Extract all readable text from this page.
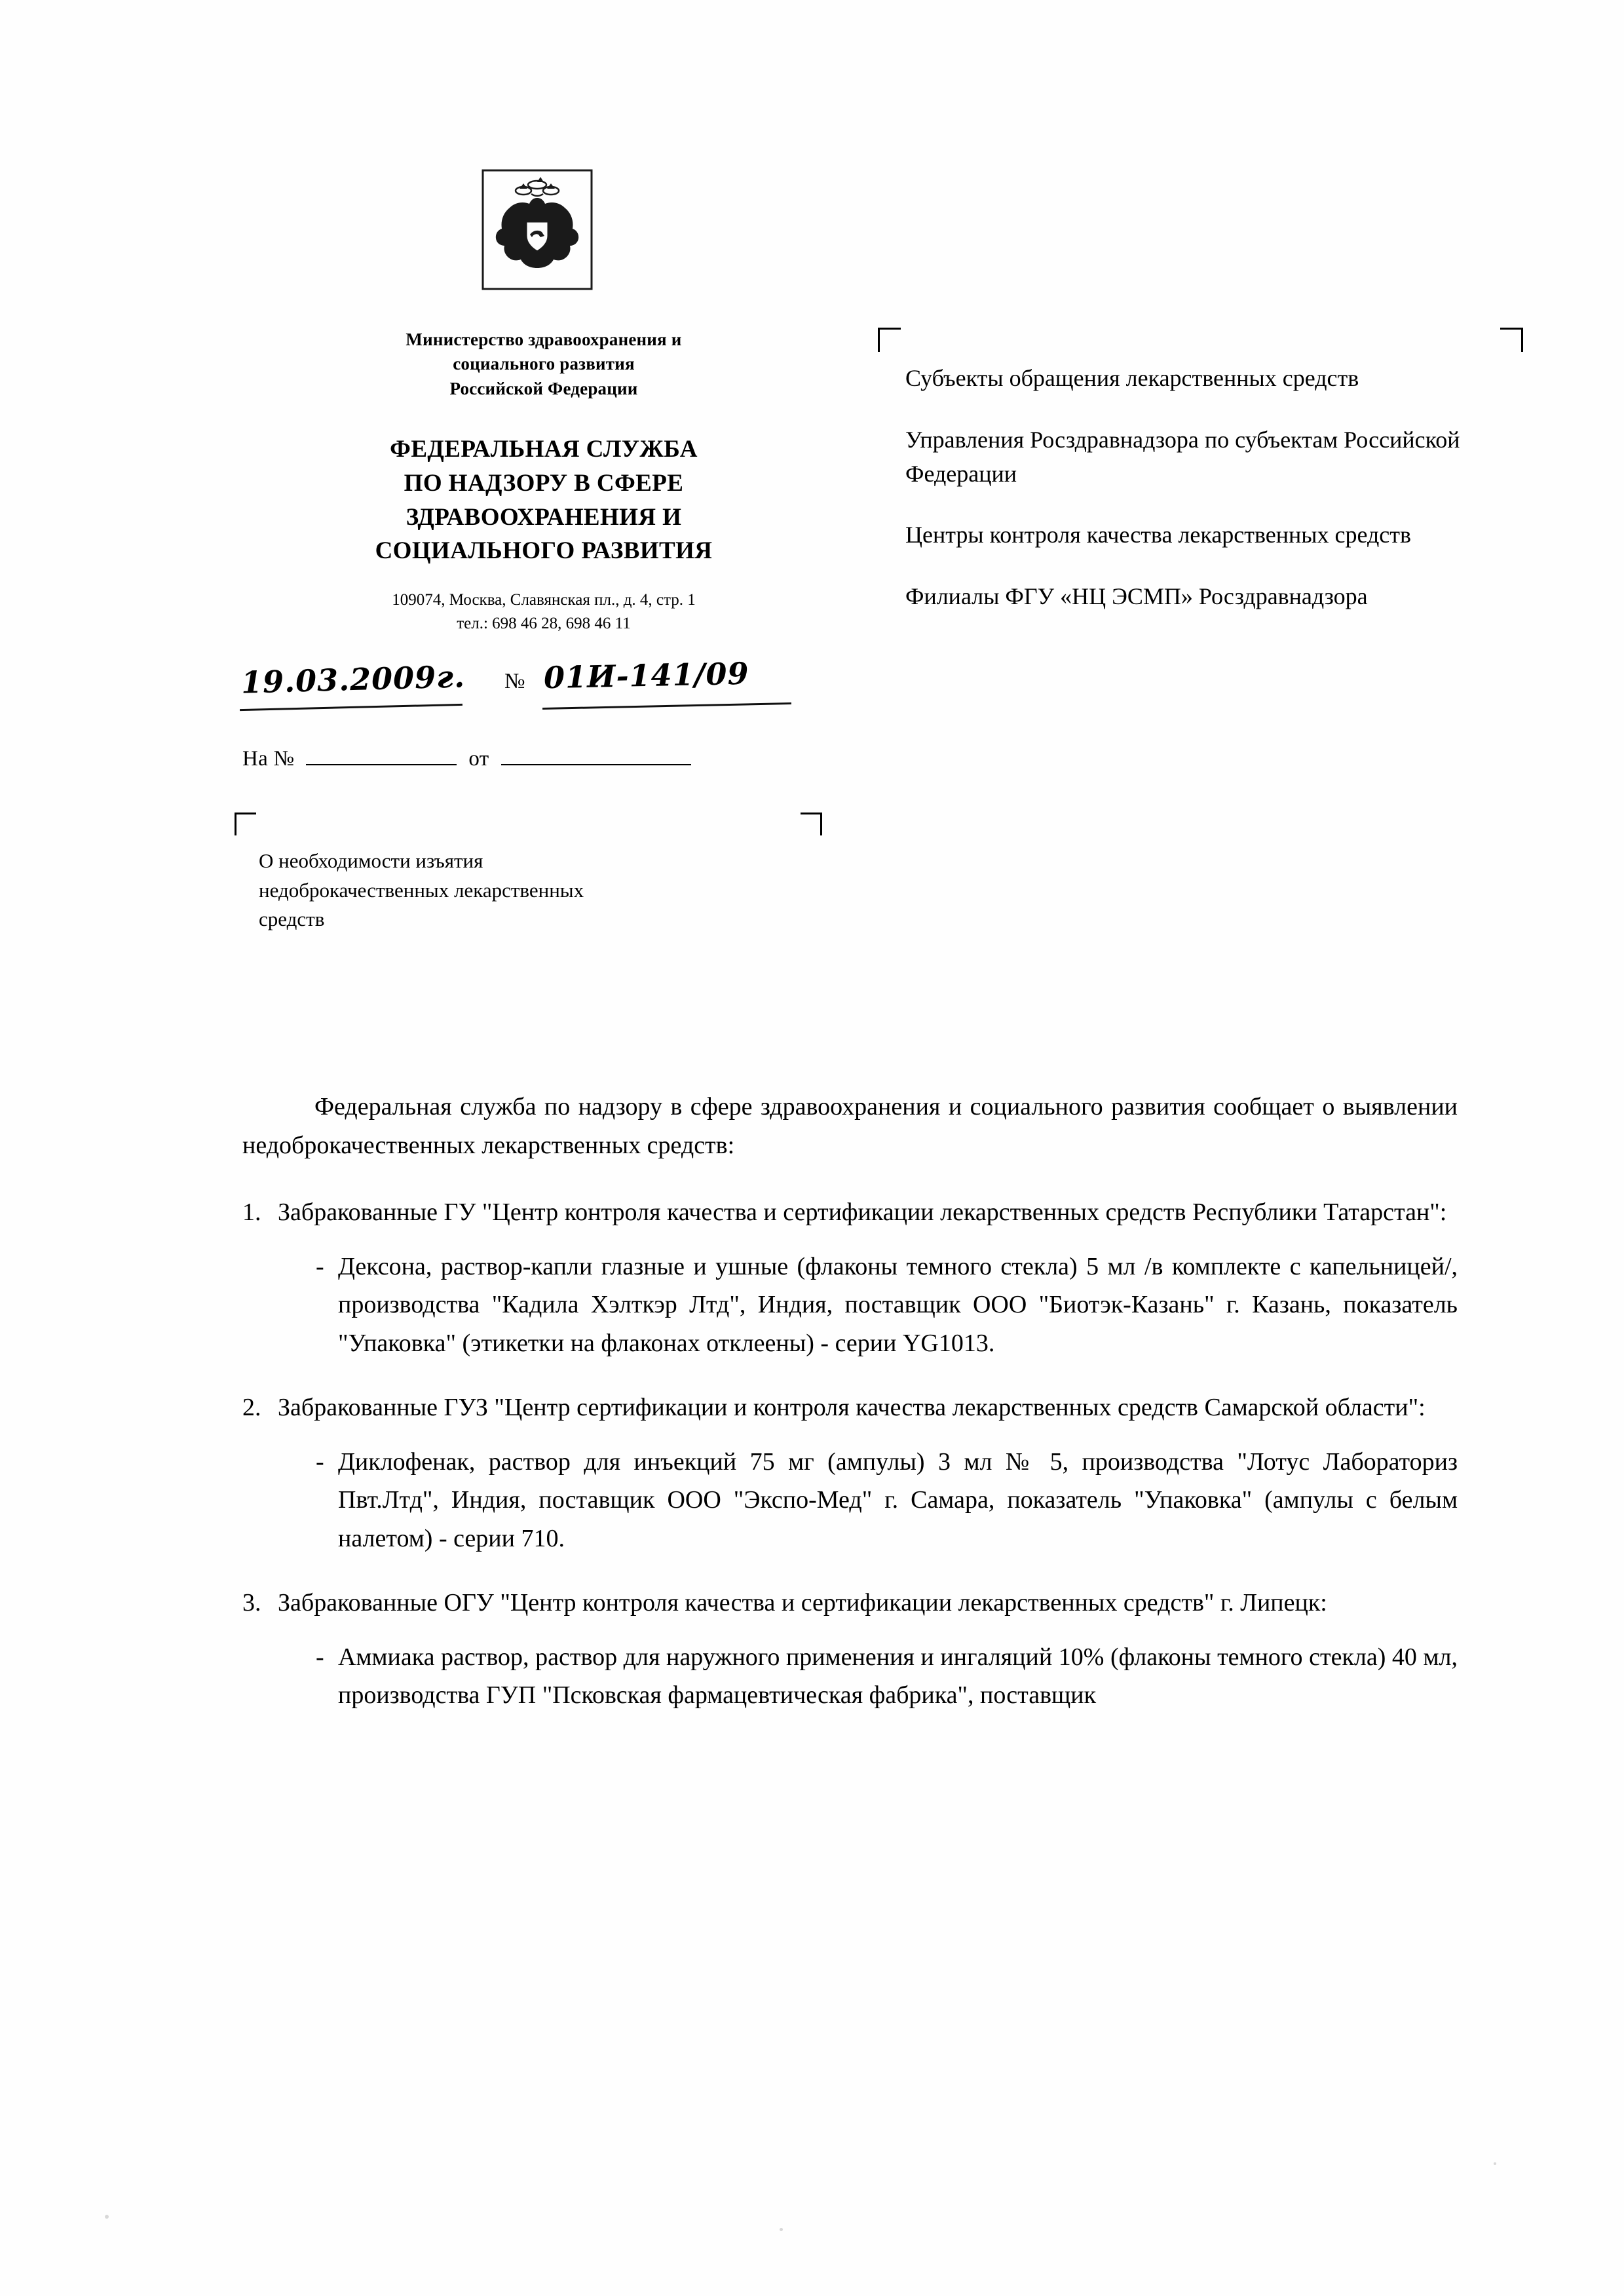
Министерство здравоохранения и
социального развития
Российской Федерации
ФЕДЕРАЛЬНАЯ СЛУЖБА
ПО НАДЗОРУ В СФЕРЕ
ЗДРАВООХРАНЕНИЯ И
СОЦИАЛЬНОГО РАЗВИТИЯ
109074, Москва, Славянская пл., д. 4, стр. 1
тел.: 698 46 28, 698 46 11
19.03.2009г. № 01И-141/09
На №	от
О необходимости изъятия
недоброкачественных лекарственных
средств

Субъекты обращения лекарственных средств

Управления Росздравнадзора по субъектам Российской Федерации

Центры контроля качества лекарственных средств

Филиалы ФГУ «НЦ ЭСМП» Росздравнадзора

Федеральная служба по надзору в сфере здравоохранения и социального развития сообщает о выявлении недоброкачественных лекарственных средств:

Забракованные ГУ "Центр контроля качества и сертификации лекарственных средств Республики Татарстан":

- Дексона, раствор-капли глазные и ушные (флаконы темного стекла) 5 мл /в комплекте с капельницей/, производства "Кадила Хэлткэр Лтд", Индия, поставщик ООО "Биотэк-Казань" г. Казань, показатель "Упаковка" (этикетки на флаконах отклеены) - серии YG1013.

Забракованные ГУЗ "Центр сертификации и контроля качества лекарственных средств Самарской области":

- Диклофенак, раствор для инъекций 75 мг (ампулы) 3 мл № 5, производства "Лотус Лабораториз Пвт.Лтд", Индия, поставщик ООО "Экспо-Мед" г. Самара, показатель "Упаковка" (ампулы с белым налетом) - серии 710.

Забракованные ОГУ "Центр контроля качества и сертификации лекарственных средств" г. Липецк:

- Аммиака раствор, раствор для наружного применения и ингаляций 10% (флаконы темного стекла) 40 мл, производства ГУП "Псковская фармацевтическая фабрика", поставщик
